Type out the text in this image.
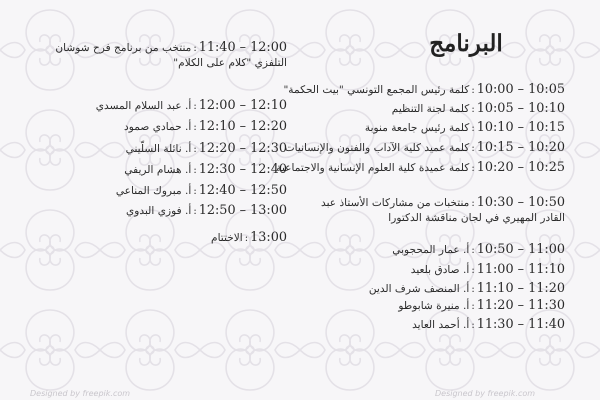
البرنامج
10:00 – 10:05:كلمة رئيس المجمع التونسي "بيت الحكمة"
10:05 – 10:10:كلمة لجنة التنظيم
10:10 – 10:15:كلمة رئيس جامعة منوبة
10:15 – 10:20:كلمة عميد كلية الآداب والفنون والإنسانيات
10:20 – 10:25:كلمة عميدة كلية العلوم الإنسانية والاجتماعية
10:30 – 10:50:منتخبات من مشاركات الأستاذ عبد القادر المهيري في لجان مناقشة الدكتورا
10:50 – 11:00:أ. عمار المحجوبي
11:00 – 11:10:أ. صادق بلعيد
11:10 – 11:20:أ. المنصف شرف الدين
11:20 – 11:30:أ. منيرة شابوطو
11:30 – 11:40:أ. أحمد العايد
11:40 – 12:00:منتخب من برنامج فرح شوشان التلفزي "كلام على الكلام"
12:00 – 12:10:أ. عبد السلام المسدي
12:10 – 12:20:أ. حمادي صمود
12:20 – 12:30:أ. نائلة السلّيني
12:30 – 12:40:أ. هشام الريفي
12:40 – 12:50:أ. مبروك المناعي
12:50 – 13:00:أ. فوزي البدوي
13:00:الاختتام
Designed by freepik.com	Designed by freepik.com
